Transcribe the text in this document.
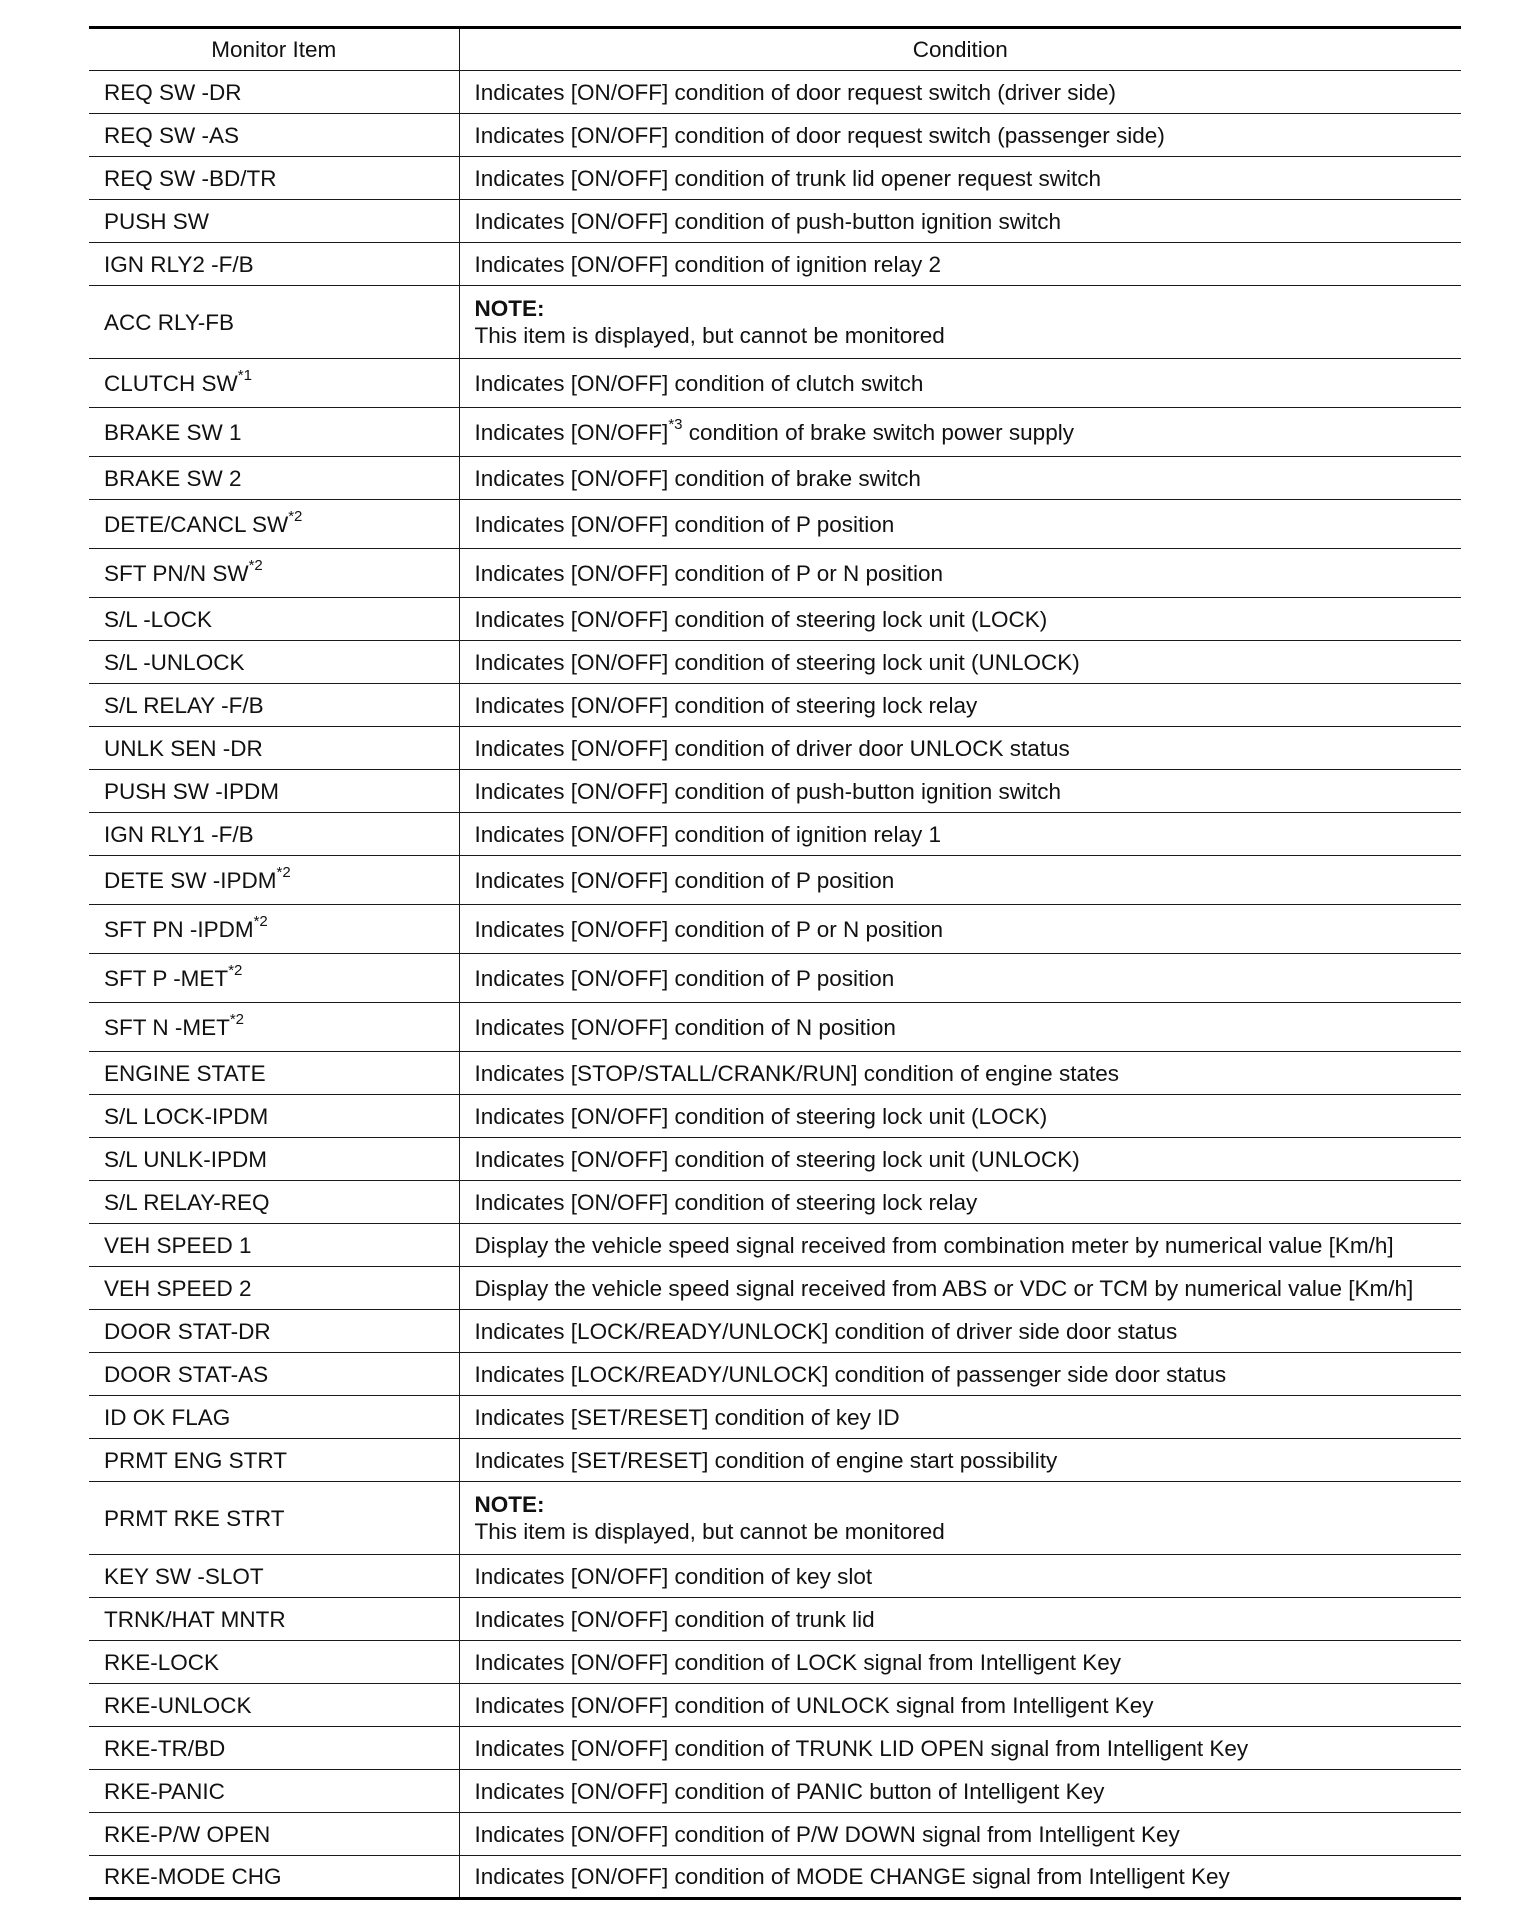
Monitor Item	Condition
REQ SW -DR	Indicates [ON/OFF] condition of door request switch (driver side)
REQ SW -AS	Indicates [ON/OFF] condition of door request switch (passenger side)
REQ SW -BD/TR	Indicates [ON/OFF] condition of trunk lid opener request switch
PUSH SW	Indicates [ON/OFF] condition of push-button ignition switch
IGN RLY2 -F/B	Indicates [ON/OFF] condition of ignition relay 2
ACC RLY-FB	NOTE:
This item is displayed, but cannot be monitored

CLUTCH SW$^{*1}$	Indicates [ON/OFF] condition of clutch switch
BRAKE SW 1	Indicates $[ON/OFF]^{*3}$ condition of brake switch power supply
BRAKE SW 2	Indicates [ON/OFF] condition of brake switch
DETE/CANCL SW$^{*2}$	Indicates [ON/OFF] condition of P position
SFT PN/N SW$^{*2}$	Indicates [ON/OFF] condition of P or N position
S/L -LOCK	Indicates [ON/OFF] condition of steering lock unit (LOCK)
S/L -UNLOCK	Indicates [ON/OFF] condition of steering lock unit (UNLOCK)
S/L RELAY -F/B	Indicates [ON/OFF] condition of steering lock relay
UNLK SEN -DR	Indicates [ON/OFF] condition of driver door UNLOCK status
PUSH SW -IPDM	Indicates [ON/OFF] condition of push-button ignition switch
IGN RLY1 -F/B	Indicates [ON/OFF] condition of ignition relay 1
DETE SW -IPDM$^{*2}$	Indicates [ON/OFF] condition of P position
SFT PN -IPDM$^{*2}$	Indicates [ON/OFF] condition of P or N position
SFT P -MET$^{*2}$	Indicates [ON/OFF] condition of P position
SFT N -MET$^{*2}$	Indicates [ON/OFF] condition of N position
ENGINE STATE	Indicates [STOP/STALL/CRANK/RUN] condition of engine states
S/L LOCK-IPDM	Indicates [ON/OFF] condition of steering lock unit (LOCK)
S/L UNLK-IPDM	Indicates [ON/OFF] condition of steering lock unit (UNLOCK)
S/L RELAY-REQ	Indicates [ON/OFF] condition of steering lock relay
VEH SPEED 1	Display the vehicle speed signal received from combination meter by numerical value [Km/h]
VEH SPEED 2	Display the vehicle speed signal received from ABS or VDC or TCM by numerical value [Km/h]
DOOR STAT-DR	Indicates [LOCK/READY/UNLOCK] condition of driver side door status
DOOR STAT-AS	Indicates [LOCK/READY/UNLOCK] condition of passenger side door status
ID OK FLAG	Indicates [SET/RESET] condition of key ID
PRMT ENG STRT	Indicates [SET/RESET] condition of engine start possibility
PRMT RKE STRT	NOTE:
This item is displayed, but cannot be monitored

KEY SW -SLOT	Indicates [ON/OFF] condition of key slot
TRNK/HAT MNTR	Indicates [ON/OFF] condition of trunk lid
RKE-LOCK	Indicates [ON/OFF] condition of LOCK signal from Intelligent Key
RKE-UNLOCK	Indicates [ON/OFF] condition of UNLOCK signal from Intelligent Key
RKE-TR/BD	Indicates [ON/OFF] condition of TRUNK LID OPEN signal from Intelligent Key
RKE-PANIC	Indicates [ON/OFF] condition of PANIC button of Intelligent Key
RKE-P/W OPEN	Indicates [ON/OFF] condition of P/W DOWN signal from Intelligent Key
RKE-MODE CHG	Indicates [ON/OFF] condition of MODE CHANGE signal from Intelligent Key
